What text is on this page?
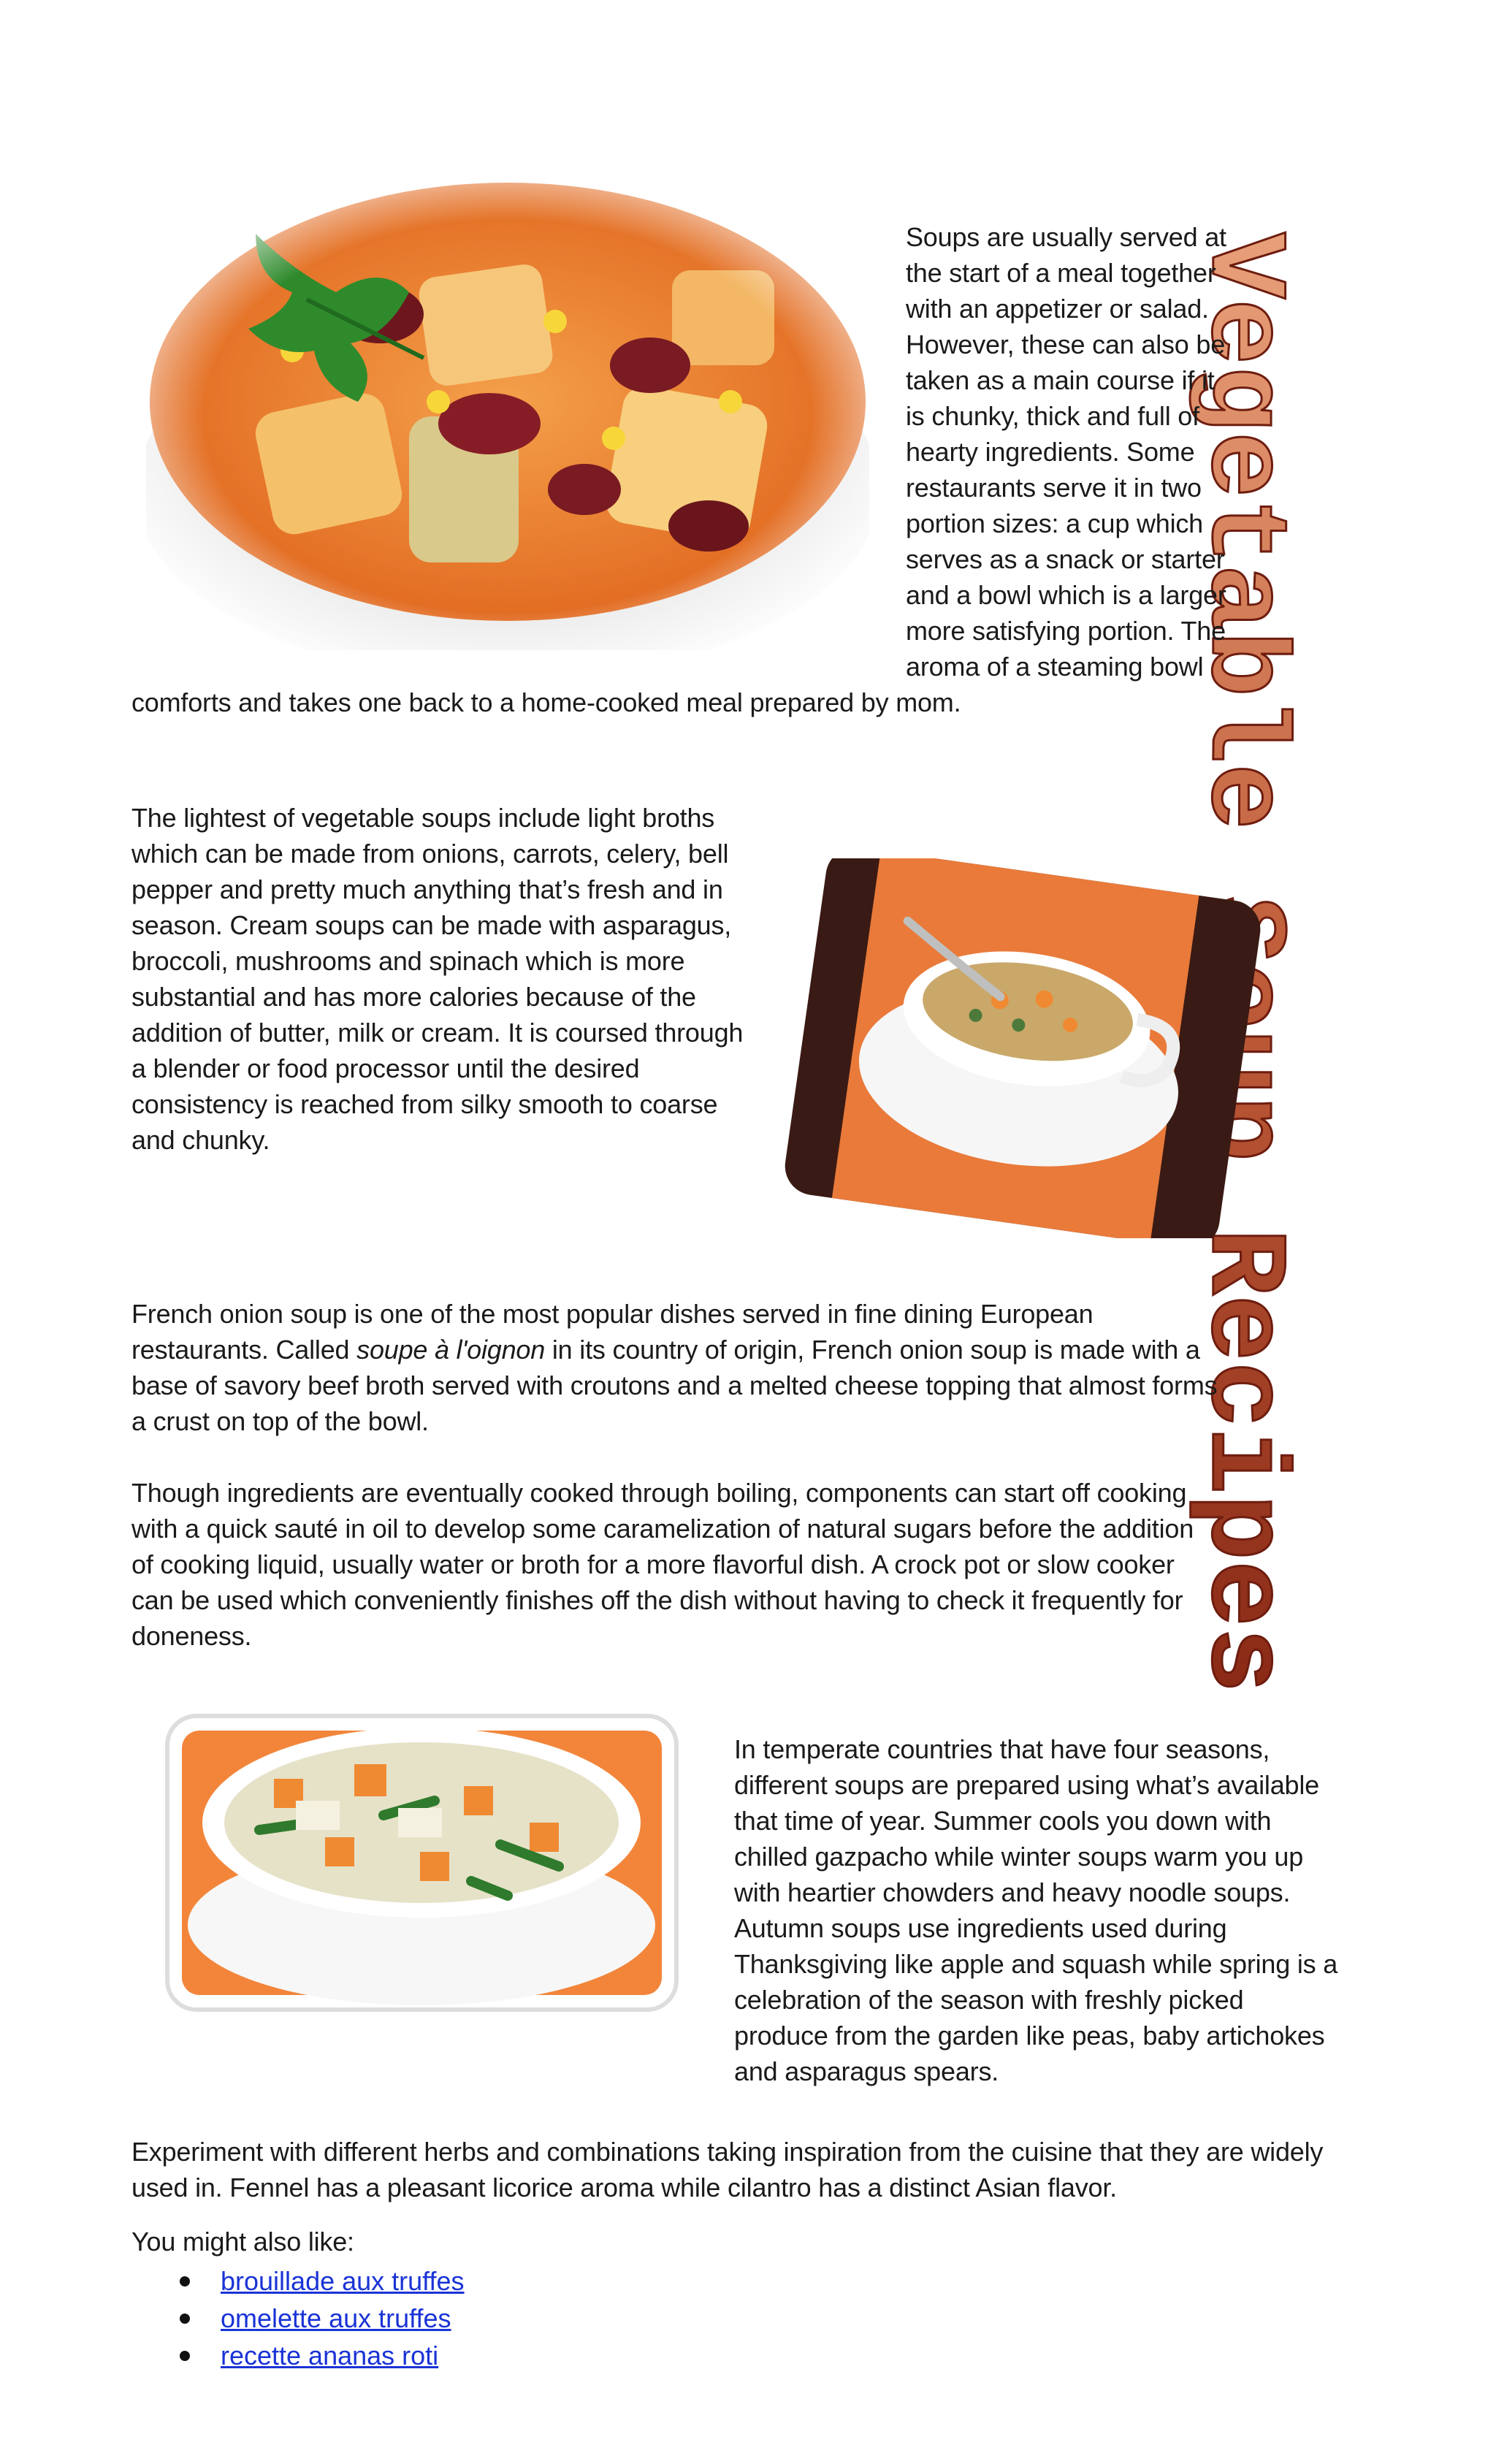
Soups are usually served at the start of a meal together with an appetizer or salad. However, these can also be taken as a main course if it is chunky, thick and full of hearty ingredients. Some restaurants serve it in two portion sizes: a cup which serves as a snack or starter and a bowl which is a larger more satisfying portion. The aroma of a steaming bowl comforts and takes one back to a home-cooked meal prepared by mom.

The lightest of vegetable soups include light broths which can be made from onions, carrots, celery, bell pepper and pretty much anything that’s fresh and in season. Cream soups can be made with asparagus, broccoli, mushrooms and spinach which is more substantial and has more calories because of the addition of butter, milk or cream. It is coursed through a blender or food processor until the desired consistency is reached from silky smooth to coarse and chunky.

French onion soup is one of the most popular dishes served in fine dining European restaurants. Called soupe à l'oignon in its country of origin, French onion soup is made with a base of savory beef broth served with croutons and a melted cheese topping that almost forms a crust on top of the bowl.

Though ingredients are eventually cooked through boiling, components can start off cooking with a quick sauté in oil to develop some caramelization of natural sugars before the addition of cooking liquid, usually water or broth for a more flavorful dish. A crock pot or slow cooker can be used which conveniently finishes off the dish without having to check it frequently for doneness.

In temperate countries that have four seasons, different soups are prepared using what’s available that time of year. Summer cools you down with chilled gazpacho while winter soups warm you up with heartier chowders and heavy noodle soups. Autumn soups use ingredients used during Thanksgiving like apple and squash while spring is a celebration of the season with freshly picked produce from the garden like peas, baby artichokes and asparagus spears.

Experiment with different herbs and combinations taking inspiration from the cuisine that they are widely used in. Fennel has a pleasant licorice aroma while cilantro has a distinct Asian flavor.

You might also like:

brouillade aux truffes
omelette aux truffes
recette ananas roti
